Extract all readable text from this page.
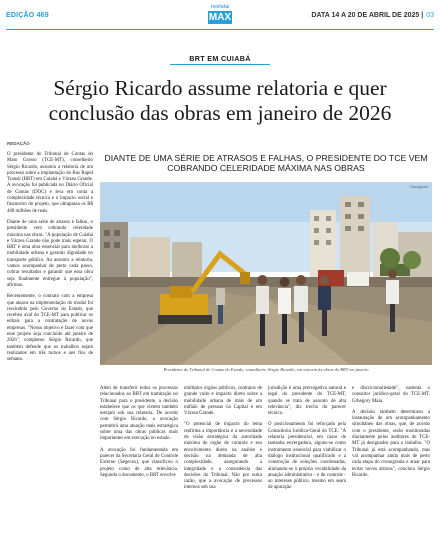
EDIÇÃO 469
revista
MAX	DATA 14 A 20 DE ABRIL DE 2025 | 03
BRT EM CUIABÁ
Sérgio Ricardo assume relatoria e quer conclusão das obras em janeiro de 2026
REDAÇÃO

O presidente do Tribunal de Contas do Mato Grosso (TCE-MT), conselheiro Sérgio Ricardo, assumiu a relatoria de um processo sobre a implantação do Bus Rapid Transit (BRT) em Cuiabá e Várzea Grande. A avocação foi publicada no Diário Oficial de Contas (DOC) e leva em conta a complexidade técnica e o impacto social e financeiro do projeto, que ultrapassa os R$ 468 milhões de reais.

Diante de uma série de atrasos e falhas, o presidente vem cobrando celeridade máxima nas obras. "A população de Cuiabá e Várzea Grande não pode mais esperar. O BRT é uma obra essencial para melhorar a mobilidade urbana e garantir dignidade no transporte público. Ao assumir a relatoria, vamos acompanhar de perto cada passo, cobrar resultados e garantir que essa obra seja finalmente entregue à população", afirmou.

Recentemente, o contrato com a empresa que atuava na implementação do modal foi rescindido pelo Governo do Estado, que recebeu aval do TCE-MT para publicar os editais para a contratação de novas empresas. "Nosso objetivo é fazer com que esse projeto seja concluído até janeiro de 2026", completou Sérgio Ricardo, que também defende que os trabalhos sejam realizados em três turnos e aos fins de semana.

DIANTE DE UMA SÉRIE DE ATRASOS E FALHAS, O PRESIDENTE DO TCE VEM COBRANDO CELERIDADE MÁXIMA NAS OBRAS

Divulgação

Presidente do Tribunal de Contas do Estado, conselheiro Sérgio Ricardo, em vistoria às obras do BRT em janeiro

Além de transferir todos os processos relacionados ao BRT em tramitação no Tribunal para o presidente, a decisão estabelece que os que vierem também estejam sob sua relatoria. De acordo com Sérgio Ricardo, a avocação permitirá uma atuação mais estratégica sobre uma das obras públicas mais importantes em execução no estado.

A avocação foi fundamentada em parecer da Secretaria Geral de Controle Externo (Segecex), que classificou o projeto como de alta relevância. Segundo o documento, o BRT envolve

múltiplos órgãos públicos, contratos de grande vulto e impacto direto sobre a mobilidade urbana de mais de um milhão de pessoas na Capital e em Várzea Grande.

"O potencial de impacto do tema reafirma a importância e a necessidade de visão estratégica da autoridade máxima do órgão de controle e seu envolvimento direto na análise e decisão na demanda de alta complexidade, assegurando a integridade e a consistência das decisões do Tribunal. Não por outra razão, que a avocação de processos internos sob sua

jurisdição é uma prerrogativa natural e legal do presidente do TCE-MT, quando se trata de assunto de alta relevância", diz trecho do parecer técnico.

O posicionamento foi reforçado pela Consultoria Jurídica-Geral do TCE. "A relatoria presidencial, em casos de tamanha envergadura, alguns-se como instrumento essencial para viabilizar o diálogo institucional qualificado e a construção de soluções coordenadas, alinhando-se à própria vocabilidade da atuação administrativa - e de controle - ao interesse público, mesmo em seara de apuração

e discricionariedade", sustenta o consultor jurídico-geral do TCE-MT, Grhegory Maia.

A decisão também determinou a instauração de um acompanhamento simultâneo das obras, que, de acordo com o presidente, serão monitoradas diariamente pelos auditores do TCE-MT já designados para o trabalho. "O Tribunal já está acompanhando, mas vai acompanhar ainda mais de perto cada etapa do cronograma e atuar para evitar novos atrasos", concluiu Sérgio Ricardo.
